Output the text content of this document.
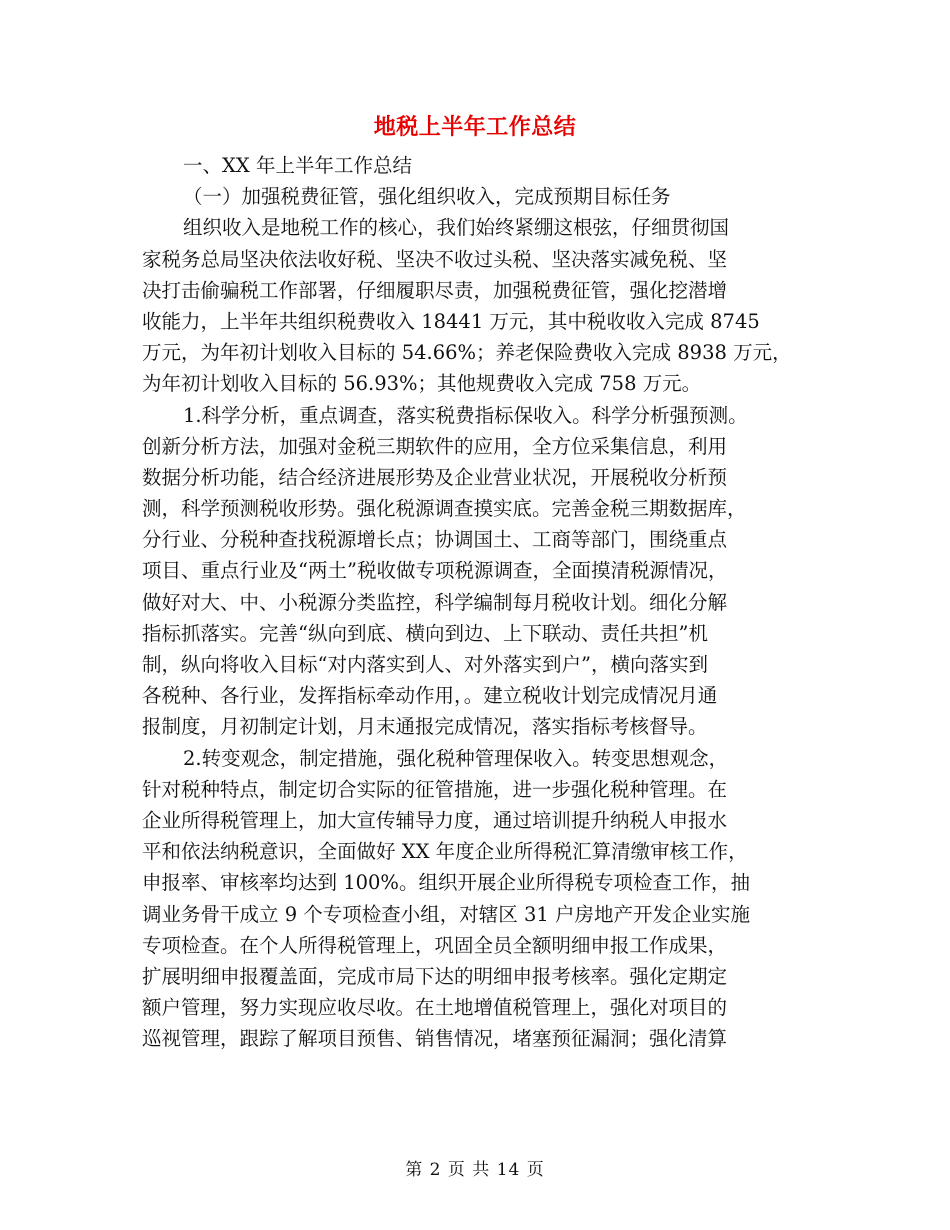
地税上半年工作总结
一、XX 年上半年工作总结
（一）加强税费征管，强化组织收入，完成预期目标任务
组织收入是地税工作的核心，我们始终紧绷这根弦，仔细贯彻国
家税务总局坚决依法收好税、坚决不收过头税、坚决落实减免税、坚
决打击偷骗税工作部署，仔细履职尽责，加强税费征管，强化挖潜增
收能力，上半年共组织税费收入 18441 万元，其中税收收入完成 8745
万元，为年初计划收入目标的 54.66%；养老保险费收入完成 8938 万元，
为年初计划收入目标的 56.93%；其他规费收入完成 758 万元。
1.科学分析，重点调查，落实税费指标保收入。科学分析强预测。
创新分析方法，加强对金税三期软件的应用，全方位采集信息，利用
数据分析功能，结合经济进展形势及企业营业状况，开展税收分析预
测，科学预测税收形势。强化税源调查摸实底。完善金税三期数据库，
分行业、分税种查找税源增长点；协调国土、工商等部门，围绕重点
项目、重点行业及“两土”税收做专项税源调查，全面摸清税源情况，
做好对大、中、小税源分类监控，科学编制每月税收计划。细化分解
指标抓落实。完善“纵向到底、横向到边、上下联动、责任共担”机
制，纵向将收入目标“对内落实到人、对外落实到户”，横向落实到
各税种、各行业，发挥指标牵动作用，。建立税收计划完成情况月通
报制度，月初制定计划，月末通报完成情况，落实指标考核督导。
2.转变观念，制定措施，强化税种管理保收入。转变思想观念，
针对税种特点，制定切合实际的征管措施，进一步强化税种管理。在
企业所得税管理上，加大宣传辅导力度，通过培训提升纳税人申报水
平和依法纳税意识，全面做好 XX 年度企业所得税汇算清缴审核工作，
申报率、审核率均达到 100%。组织开展企业所得税专项检查工作，抽
调业务骨干成立 9 个专项检查小组，对辖区 31 户房地产开发企业实施
专项检查。在个人所得税管理上，巩固全员全额明细申报工作成果，
扩展明细申报覆盖面，完成市局下达的明细申报考核率。强化定期定
额户管理，努力实现应收尽收。在土地增值税管理上，强化对项目的
巡视管理，跟踪了解项目预售、销售情况，堵塞预征漏洞；强化清算
第 2 页 共 14 页
